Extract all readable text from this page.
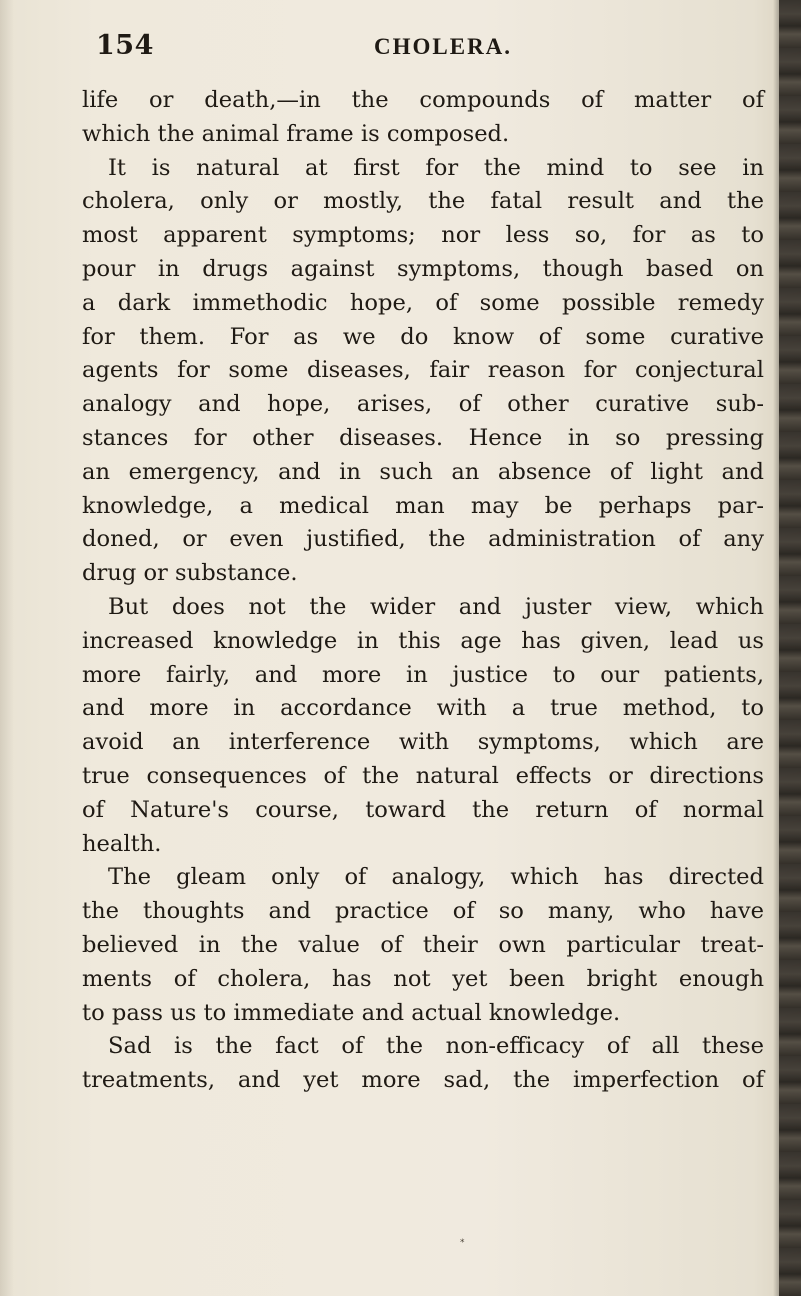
154	CHOLERA.
life or death,—in the compounds of matter of
which the animal frame is composed.
It is natural at first for the mind to see in
cholera, only or mostly, the fatal result and the
most apparent symptoms; nor less so, for as to
pour in drugs against symptoms, though based on
a dark immethodic hope, of some possible remedy
for them. For as we do know of some curative
agents for some diseases, fair reason for conjectural
analogy and hope, arises, of other curative sub-
stances for other diseases. Hence in so pressing
an emergency, and in such an absence of light and
knowledge, a medical man may be perhaps par-
doned, or even justified, the administration of any
drug or substance.
But does not the wider and juster view, which
increased knowledge in this age has given, lead us
more fairly, and more in justice to our patients,
and more in accordance with a true method, to
avoid an interference with symptoms, which are
true consequences of the natural effects or directions
of Nature's course, toward the return of normal
health.
The gleam only of analogy, which has directed
the thoughts and practice of so many, who have
believed in the value of their own particular treat-
ments of cholera, has not yet been bright enough
to pass us to immediate and actual knowledge.
Sad is the fact of the non-efficacy of all these
treatments, and yet more sad, the imperfection of
*
